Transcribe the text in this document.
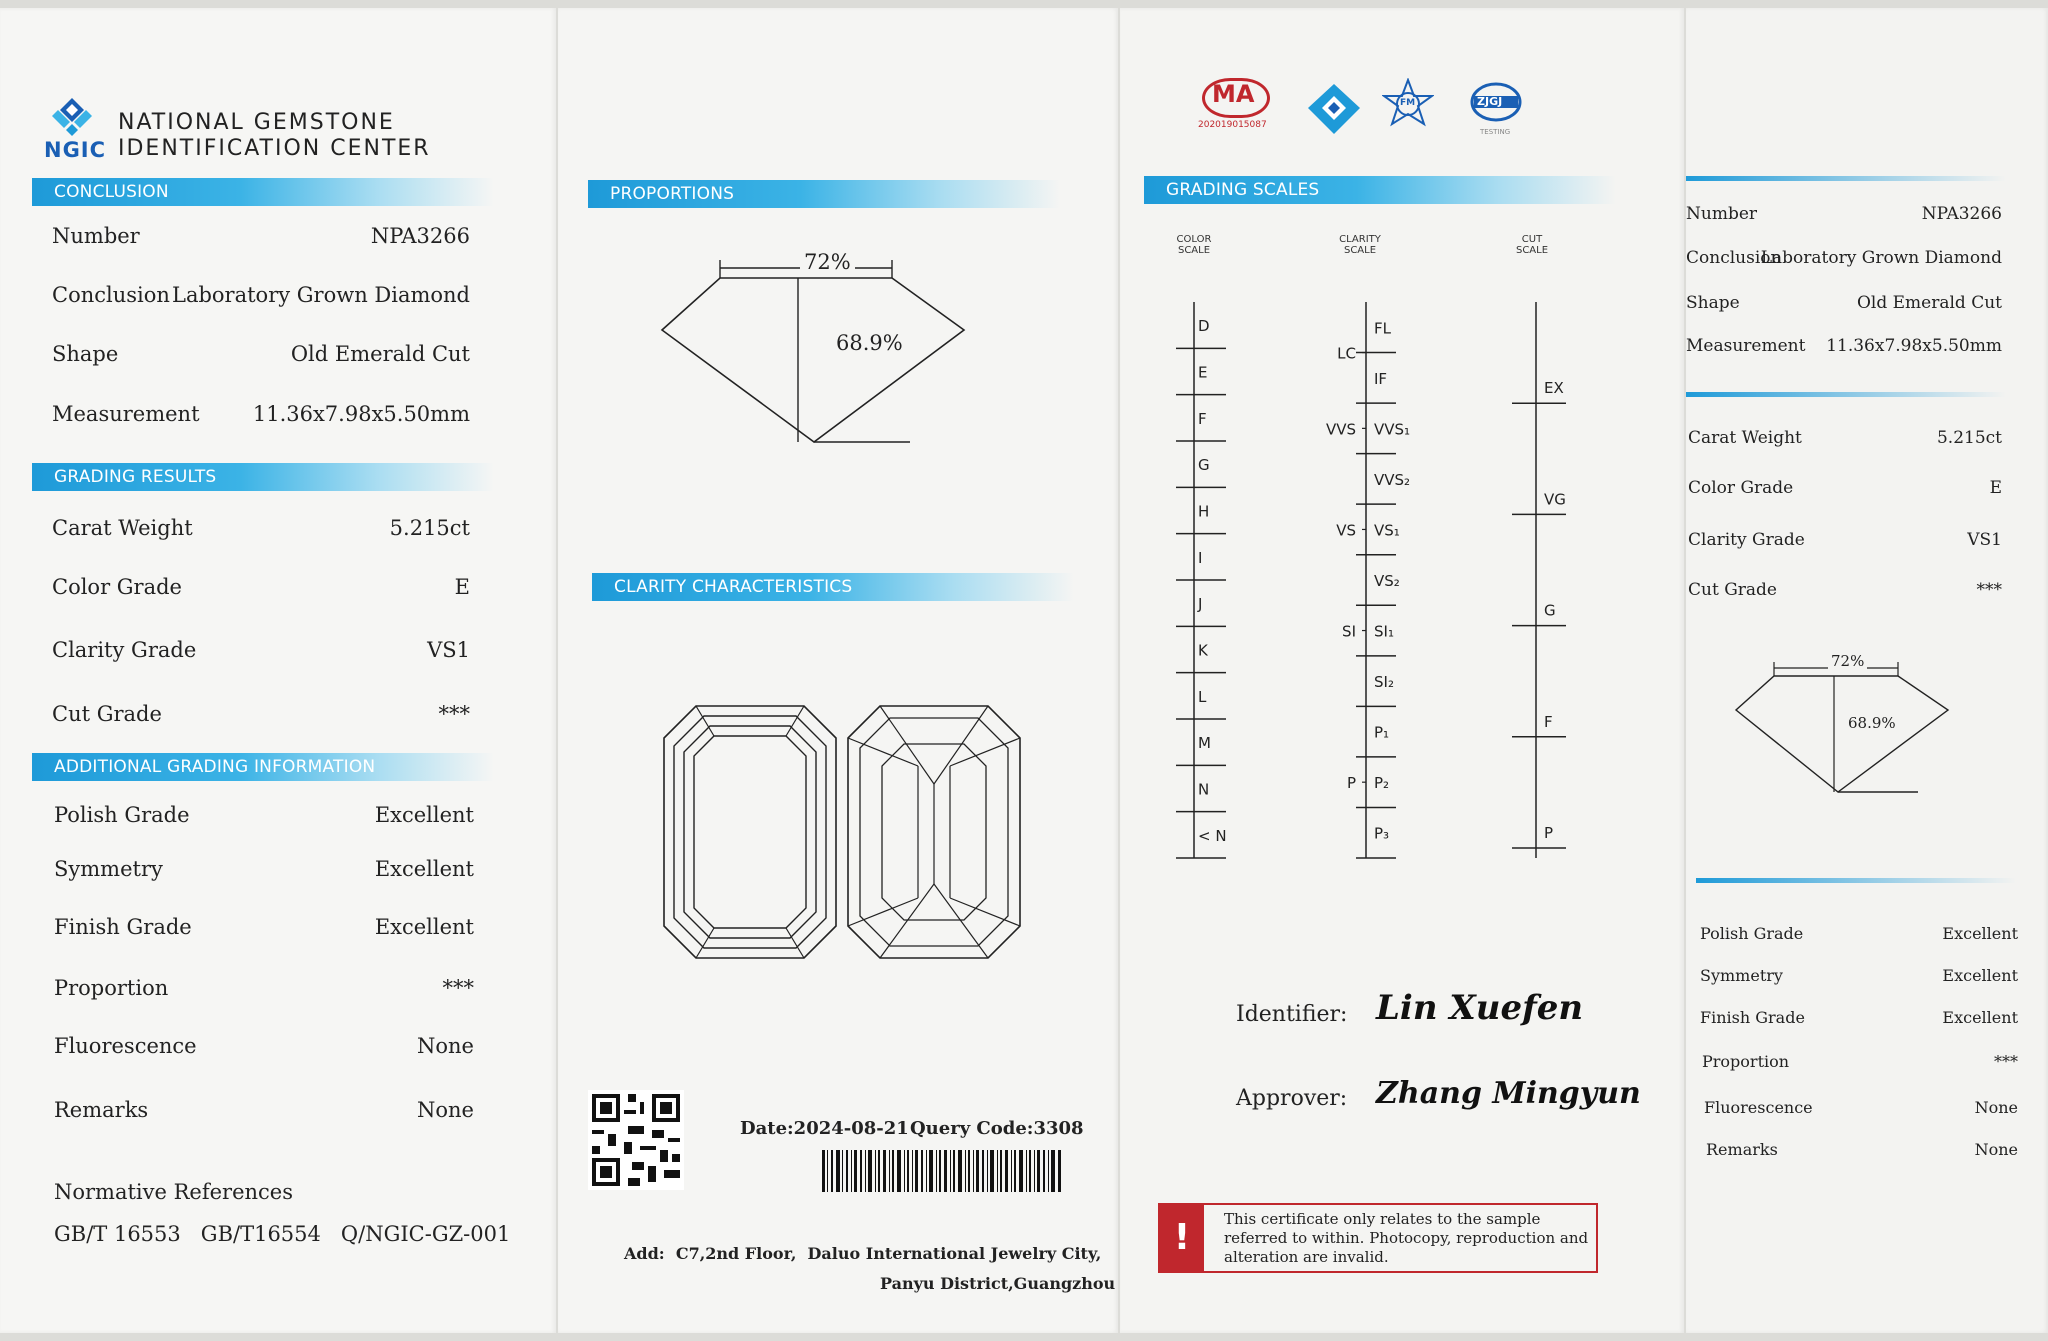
NGIC
NATIONAL GEMSTONE
IDENTIFICATION CENTER
CONCLUSION
Number	NPA3266
Conclusion Laboratory Grown Diamond
Shape	Old Emerald Cut
Measurement	11.36x7.98x5.50mm
GRADING RESULTS
Carat Weight	5.215ct
Color Grade	E
Clarity Grade	VS1
Cut Grade	***
ADDITIONAL GRADING INFORMATION
Polish Grade	Excellent
Symmetry	Excellent
Finish Grade	Excellent
Proportion	***
Fluorescence	None
Remarks	None
Normative References
GB/T 16553   GB/T16554   Q/NGIC-GZ-001
PROPORTIONS
72%
68.9%
CLARITY CHARACTERISTICS
Date:2024-08-21 Query Code:3308
Add:  C7,2nd Floor,  Daluo International Jewelry City,
Panyu District,Guangzhou
MA
202019015087
FM	ZJGJ
TESTING
GRADING SCALES
COLOR
SCALE
CLARITY
SCALE
CUT
SCALE
D
E
F
G
H
I
J
K
L
M
N
< N
FL
IF
VVS₁
VVS₂
VS₁
VS₂
SI₁
SI₂
P₁
P₂
P₃
LC
VVS
VS
SI
P
EX
VG
G
F
P
Identifier: Lin Xuefen
Approver: Zhang Mingyun
!	This certificate only relates to the sample referred to within. Photocopy, reproduction and alteration are invalid.
Number	NPA3266
Conclusion
Laboratory Grown Diamond
Shape	Old Emerald Cut
Measurement 11.36x7.98x5.50mm
Carat Weight	5.215ct
Color Grade	E
Clarity Grade	VS1
Cut Grade	***
72%
68.9%
Polish Grade	Excellent
Symmetry	Excellent
Finish Grade	Excellent
Proportion	***
Fluorescence	None
Remarks	None
